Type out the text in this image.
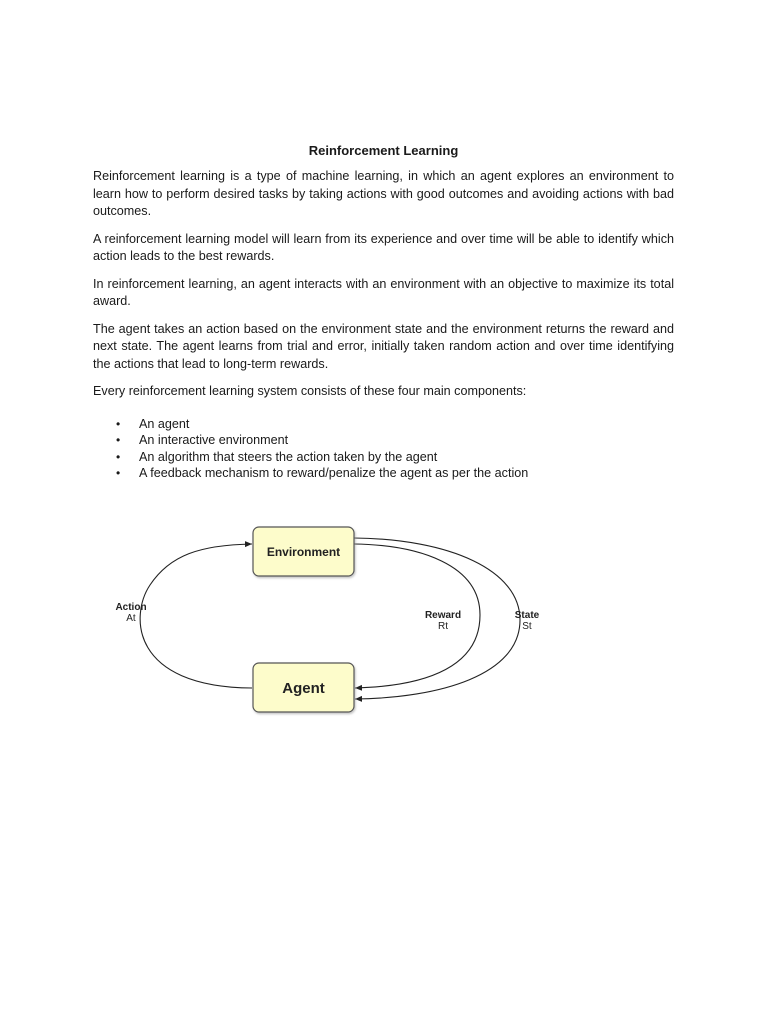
Reinforcement Learning

Reinforcement learning is a type of machine learning, in which an agent explores an environment to learn how to perform desired tasks by taking actions with good outcomes and avoiding actions with bad outcomes.

A reinforcement learning model will learn from its experience and over time will be able to identify which action leads to the best rewards.

In reinforcement learning, an agent interacts with an environment with an objective to maximize its total award.

The agent takes an action based on the environment state and the environment returns the reward and next state. The agent learns from trial and error, initially taken random action and over time identifying the actions that lead to long-term rewards.

Every reinforcement learning system consists of these four main components:

• An agent
• An interactive environment
• An algorithm that steers the action taken by the agent
• A feedback mechanism to reward/penalize the agent as per the action
Environment
Agent
Action
At	Reward
Rt
State
St
